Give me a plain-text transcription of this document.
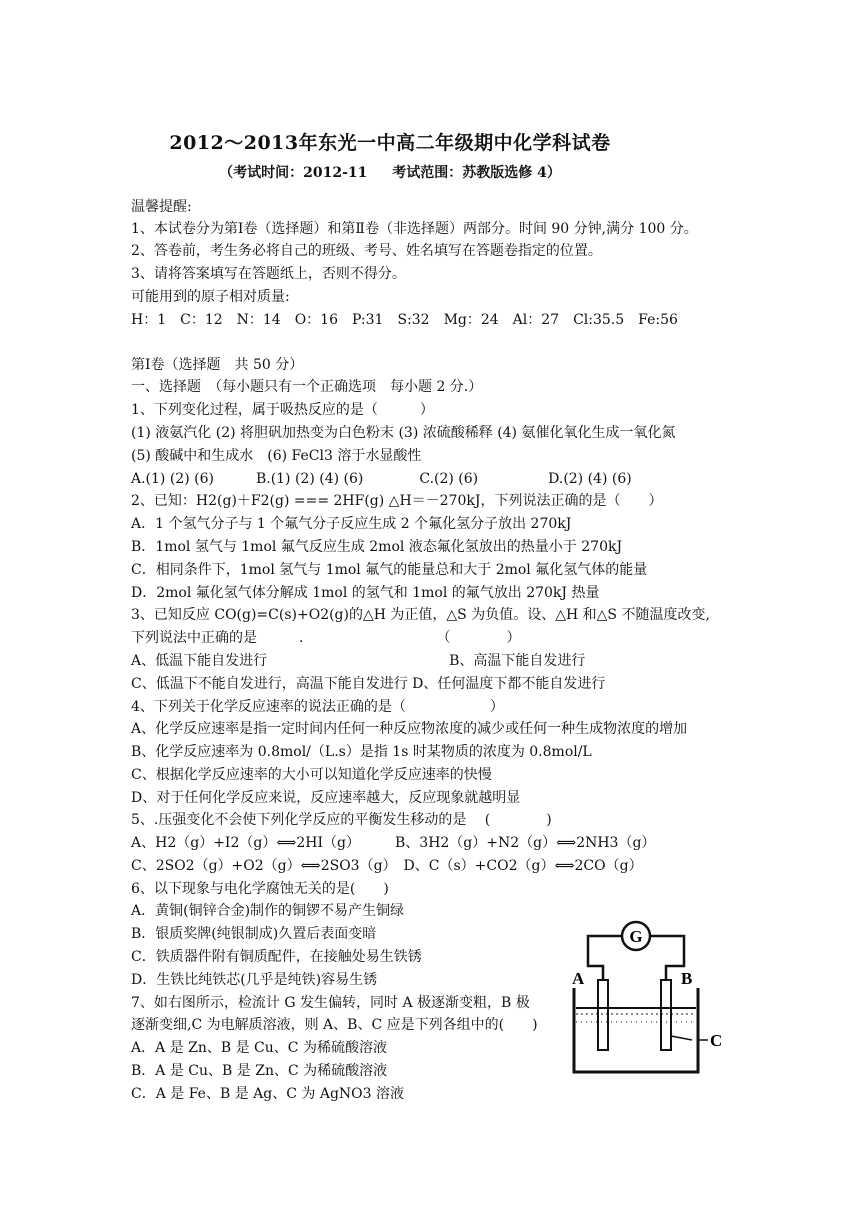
2012～2013年东光一中高二年级期中化学科试卷
（考试时间：2012-11 考试范围：苏教版选修 4）
温馨提醒:
1、本试卷分为第Ⅰ卷（选择题）和第Ⅱ卷（非选择题）两部分。时间 90 分钟,满分 100 分。
2、答卷前，考生务必将自己的班级、考号、姓名填写在答题卷指定的位置。
3、请将答案填写在答题纸上，否则不得分。
可能用到的原子相对质量:
H：1　C：12　N：14　O：16　P:31　S:32　Mg：24　Al：27　Cl:35.5　Fe:56
第Ⅰ卷（选择题　共 50 分）
一、选择题　（每小题只有一个正确选项　每小题 2 分.）
1、下列变化过程，属于吸热反应的是（　　　）
(1) 液氨汽化 (2) 将胆矾加热变为白色粉末 (3) 浓硫酸稀释 (4) 氨催化氧化生成一氧化氮
(5) 酸碱中和生成水　(6) FeCl3 溶于水显酸性
A.(1) (2) (6)　　　B.(1) (2) (4) (6)　　　　C.(2) (6)　　　　　D.(2) (4) (6)
2、已知：H2(g)＋F2(g) === 2HF(g) △H＝－270kJ，下列说法正确的是（　　）
A．1 个氢气分子与 1 个氟气分子反应生成 2 个氟化氢分子放出 270kJ
B．1mol 氢气与 1mol 氟气反应生成 2mol 液态氟化氢放出的热量小于 270kJ
C．相同条件下，1mol 氢气与 1mol 氟气的能量总和大于 2mol 氟化氢气体的能量
D．2mol 氟化氢气体分解成 1mol 的氢气和 1mol 的氟气放出 270kJ 热量
3、已知反应 CO(g)=C(s)+O2(g)的△H 为正值，△S 为负值。设、△H 和△S 不随温度改变,
下列说法中正确的是　　　.　　　　　　　　　　（　　　　）
A、低温下能自发进行　　　　　　　　　　　　　B、高温下能自发进行
C、低温下不能自发进行，高温下能自发进行 D、任何温度下都不能自发进行
4、下列关于化学反应速率的说法正确的是（　　　　　　）
A、化学反应速率是指一定时间内任何一种反应物浓度的减少或任何一种生成物浓度的增加
B、化学反应速率为 0.8mol/（L.s）是指 1s 时某物质的浓度为 0.8mol/L
C、根据化学反应速率的大小可以知道化学反应速率的快慢
D、对于任何化学反应来说，反应速率越大，反应现象就越明显
5、.压强变化不会使下列化学反应的平衡发生移动的是　 (　　　　)
A、H2（g）+I2（g）⟺2HI（g）　　　B、3H2（g）+N2（g）⟺2NH3（g）
C、2SO2（g）+O2（g）⟺2SO3（g）　D、C（s）+CO2（g）⟺2CO（g）
6、以下现象与电化学腐蚀无关的是(　　)
A．黄铜(铜锌合金)制作的铜锣不易产生铜绿
B．银质奖牌(纯银制成)久置后表面变暗
C．铁质器件附有铜质配件，在接触处易生铁锈
D．生铁比纯铁芯(几乎是纯铁)容易生锈
7、如右图所示，检流计 G 发生偏转，同时 A 极逐渐变粗，B 极
逐渐变细,C 为电解质溶液，则 A、B、C 应是下列各组中的(　　)
A．A 是 Zn、B 是 Cu、C 为稀硫酸溶液
B．A 是 Cu、B 是 Zn、C 为稀硫酸溶液
C．A 是 Fe、B 是 Ag、C 为 AgNO3 溶液
G
A	B
C
